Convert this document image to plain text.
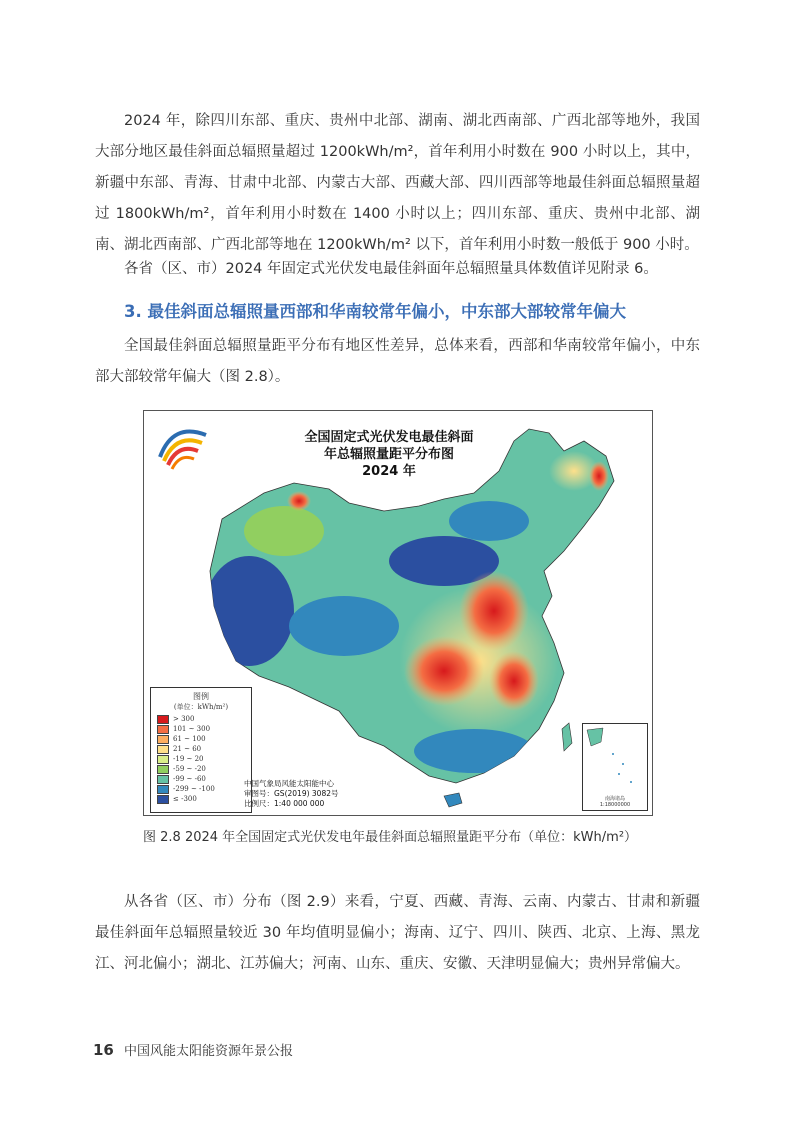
2024 年，除四川东部、重庆、贵州中北部、湖南、湖北西南部、广西北部等地外，我国大部分地区最佳斜面总辐照量超过 1200kWh/m²，首年利用小时数在 900 小时以上，其中，新疆中东部、青海、甘肃中北部、内蒙古大部、西藏大部、四川西部等地最佳斜面总辐照量超过 1800kWh/m²，首年利用小时数在 1400 小时以上；四川东部、重庆、贵州中北部、湖南、湖北西南部、广西北部等地在 1200kWh/m² 以下，首年利用小时数一般低于 900 小时。

各省（区、市）2024 年固定式光伏发电最佳斜面年总辐照量具体数值详见附录 6。

3. 最佳斜面总辐照量西部和华南较常年偏小，中东部大部较常年偏大

全国最佳斜面总辐照量距平分布有地区性差异，总体来看，西部和华南较常年偏小，中东部大部较常年偏大（图 2.8）。

全国固定式光伏发电最佳斜面
年总辐照量距平分布图
2024 年
图例
(单位：kWh/m²)
> 300
101 ~ 300
61 ~ 100
21 ~ 60
-19 ~ 20
-59 ~ -20
-99 ~ -60
-299 ~ -100
≤ -300
中国气象局风能太阳能中心
审图号：GS(2019) 3082号
比例尺：1:40 000 000	南海诸岛
1:18000000
图 2.8 2024 年全国固定式光伏发电年最佳斜面总辐照量距平分布（单位：kWh/m²）

从各省（区、市）分布（图 2.9）来看，宁夏、西藏、青海、云南、内蒙古、甘肃和新疆最佳斜面年总辐照量较近 30 年均值明显偏小；海南、辽宁、四川、陕西、北京、上海、黑龙江、河北偏小；湖北、江苏偏大；河南、山东、重庆、安徽、天津明显偏大；贵州异常偏大。

16 中国风能太阳能资源年景公报
